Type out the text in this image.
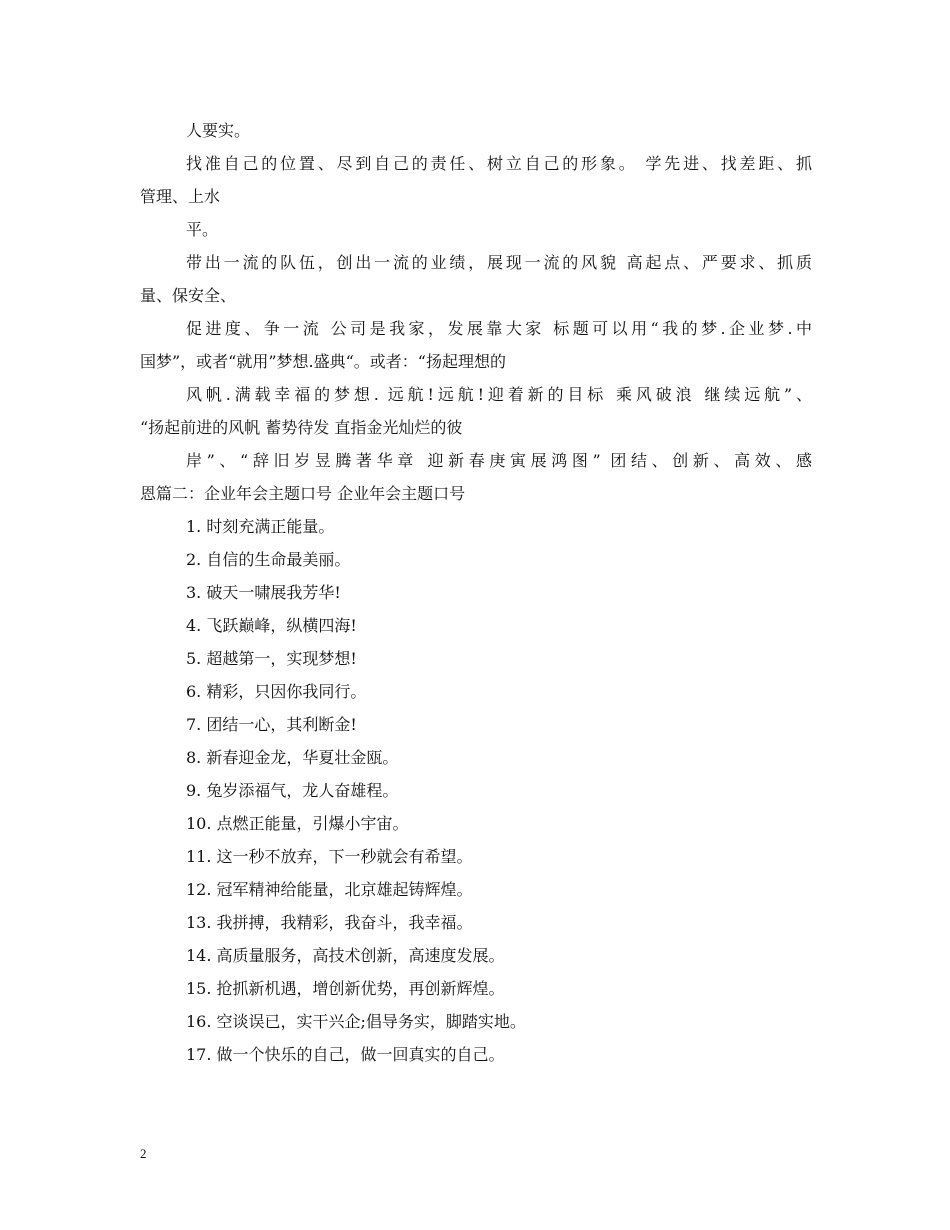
人要实。
找准自己的位置、尽到自己的责任、树立自己的形象。 学先进、找差距、抓
管理、上水
平。
带出一流的队伍，创出一流的业绩，展现一流的风貌 高起点、严要求、抓质
量、保安全、
促进度、争一流 公司是我家，发展靠大家 标题可以用“我的梦.企业梦.中
国梦”，或者“就用”梦想.盛典“。或者：“扬起理想的
风帆.满载幸福的梦想. 远航!远航!迎着新的目标 乘风破浪 继续远航”、
“扬起前进的风帆 蓄势待发 直指金光灿烂的彼
岸”、“辞旧岁昱腾著华章 迎新春庚寅展鸿图” 团结、创新、高效、感
恩篇二：企业年会主题口号 企业年会主题口号
1. 时刻充满正能量。
2. 自信的生命最美丽。
3. 破天一啸展我芳华!
4. 飞跃巅峰，纵横四海!
5. 超越第一，实现梦想!
6. 精彩，只因你我同行。
7. 团结一心，其利断金!
8. 新春迎金龙，华夏壮金瓯。
9. 兔岁添福气，龙人奋雄程。
10. 点燃正能量，引爆小宇宙。
11. 这一秒不放弃，下一秒就会有希望。
12. 冠军精神给能量，北京雄起铸辉煌。
13. 我拼搏，我精彩，我奋斗，我幸福。
14. 高质量服务，高技术创新，高速度发展。
15. 抢抓新机遇，增创新优势，再创新辉煌。
16. 空谈误已，实干兴企;倡导务实，脚踏实地。
17. 做一个快乐的自己，做一回真实的自己。
2
